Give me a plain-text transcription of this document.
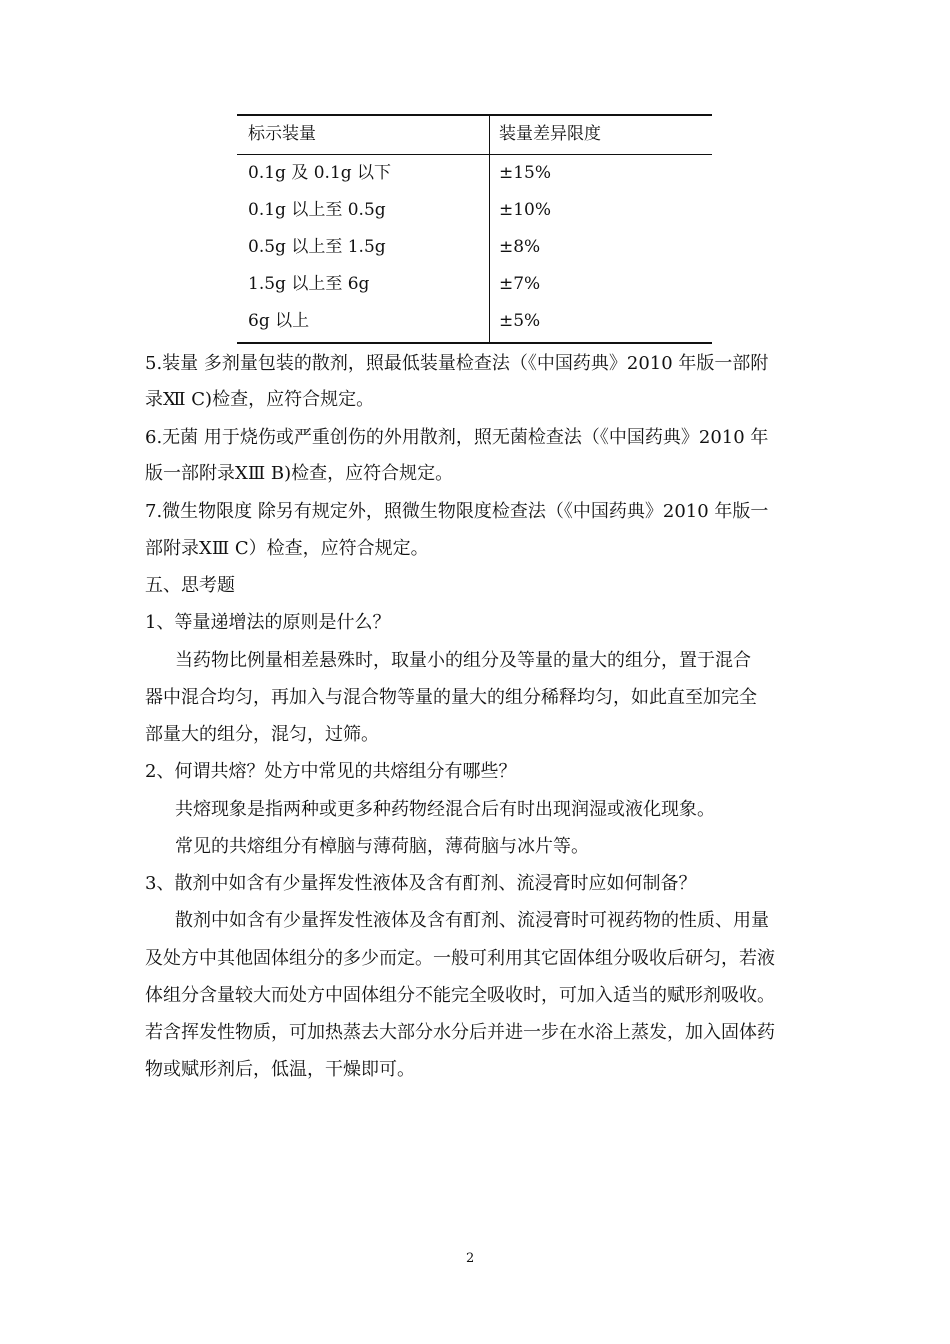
标示装量	装量差异限度
0.1g 及 0.1g 以下	±15%
0.1g 以上至 0.5g	±10%
0.5g 以上至 1.5g	±8%
1.5g 以上至 6g	±7%
6g 以上	±5%
5.装量 多剂量包装的散剂，照最低装量检查法（《中国药典》2010 年版一部附
录Ⅻ C)检查，应符合规定。
6.无菌 用于烧伤或严重创伤的外用散剂，照无菌检查法（《中国药典》2010 年
版一部附录ⅩⅢ B)检查，应符合规定。
7.微生物限度 除另有规定外，照微生物限度检查法（《中国药典》2010 年版一
部附录ⅩⅢ C）检查，应符合规定。
五、思考题
1、等量递增法的原则是什么？
当药物比例量相差悬殊时，取量小的组分及等量的量大的组分，置于混合
器中混合均匀，再加入与混合物等量的量大的组分稀释均匀，如此直至加完全
部量大的组分，混匀，过筛。
2、何谓共熔？处方中常见的共熔组分有哪些？
共熔现象是指两种或更多种药物经混合后有时出现润湿或液化现象。
常见的共熔组分有樟脑与薄荷脑，薄荷脑与冰片等。
3、散剂中如含有少量挥发性液体及含有酊剂、流浸膏时应如何制备？
散剂中如含有少量挥发性液体及含有酊剂、流浸膏时可视药物的性质、用量
及处方中其他固体组分的多少而定。一般可利用其它固体组分吸收后研匀，若液
体组分含量较大而处方中固体组分不能完全吸收时，可加入适当的赋形剂吸收。
若含挥发性物质，可加热蒸去大部分水分后并进一步在水浴上蒸发，加入固体药
物或赋形剂后，低温，干燥即可。
2
